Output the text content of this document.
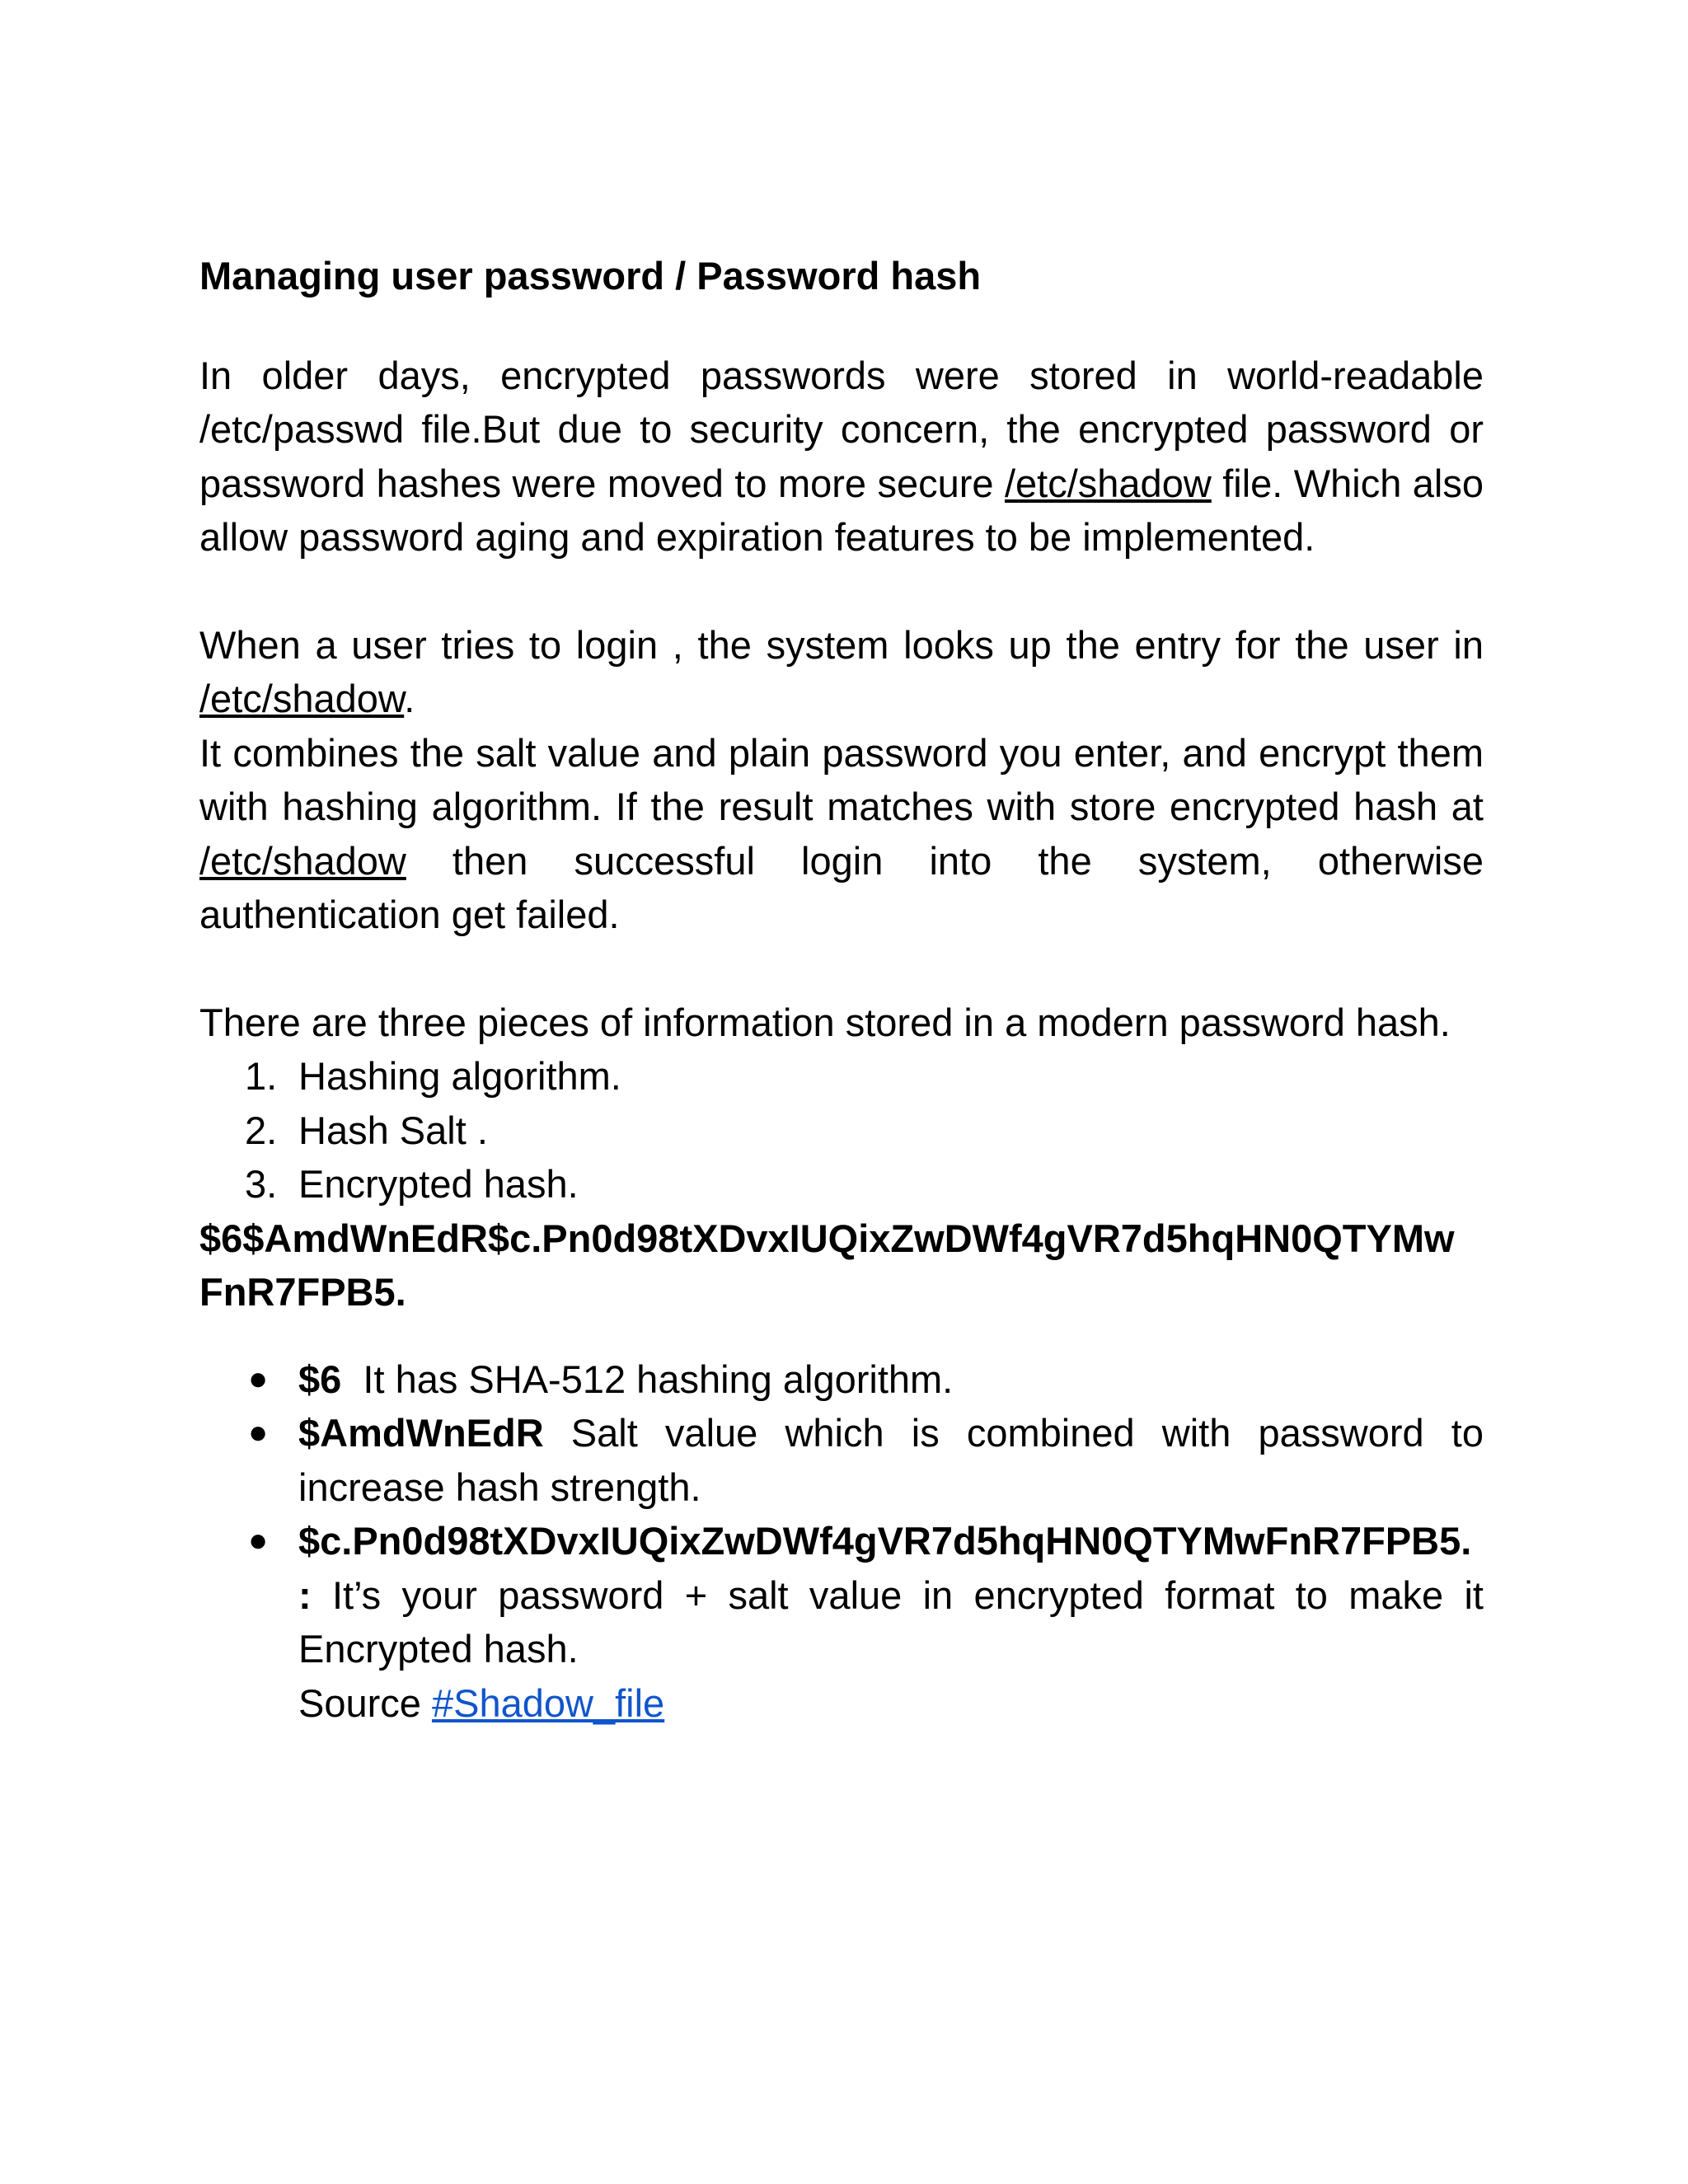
Managing user password / Password hash

In older days, encrypted passwords were stored in world-readable /etc/passwd file.But due to security concern, the encrypted password or password hashes were moved to more secure /etc/shadow file. Which also allow password aging and expiration features to be implemented.

When a user tries to login , the system looks up the entry for the user in /etc/shadow.

It combines the salt value and plain password you enter, and encrypt them with hashing algorithm. If the result matches with store encrypted hash at /etc/shadow then successful login into the system, otherwise authentication get failed.

There are three pieces of information stored in a modern password hash.

1. Hashing algorithm.
2. Hash Salt .
3. Encrypted hash.

$6$AmdWnEdR$c.Pn0d98tXDvxIUQixZwDWf4gVR7d5hqHN0QTYMwFnR7FPB5.

● $6  It has SHA-512 hashing algorithm.
● $AmdWnEdR Salt value which is combined with password to increase hash strength.
● $c.Pn0d98tXDvxIUQixZwDWf4gVR7d5hqHN0QTYMwFnR7FPB5.
: It’s your password + salt value in encrypted format to make it Encrypted hash.
Source #Shadow_file
